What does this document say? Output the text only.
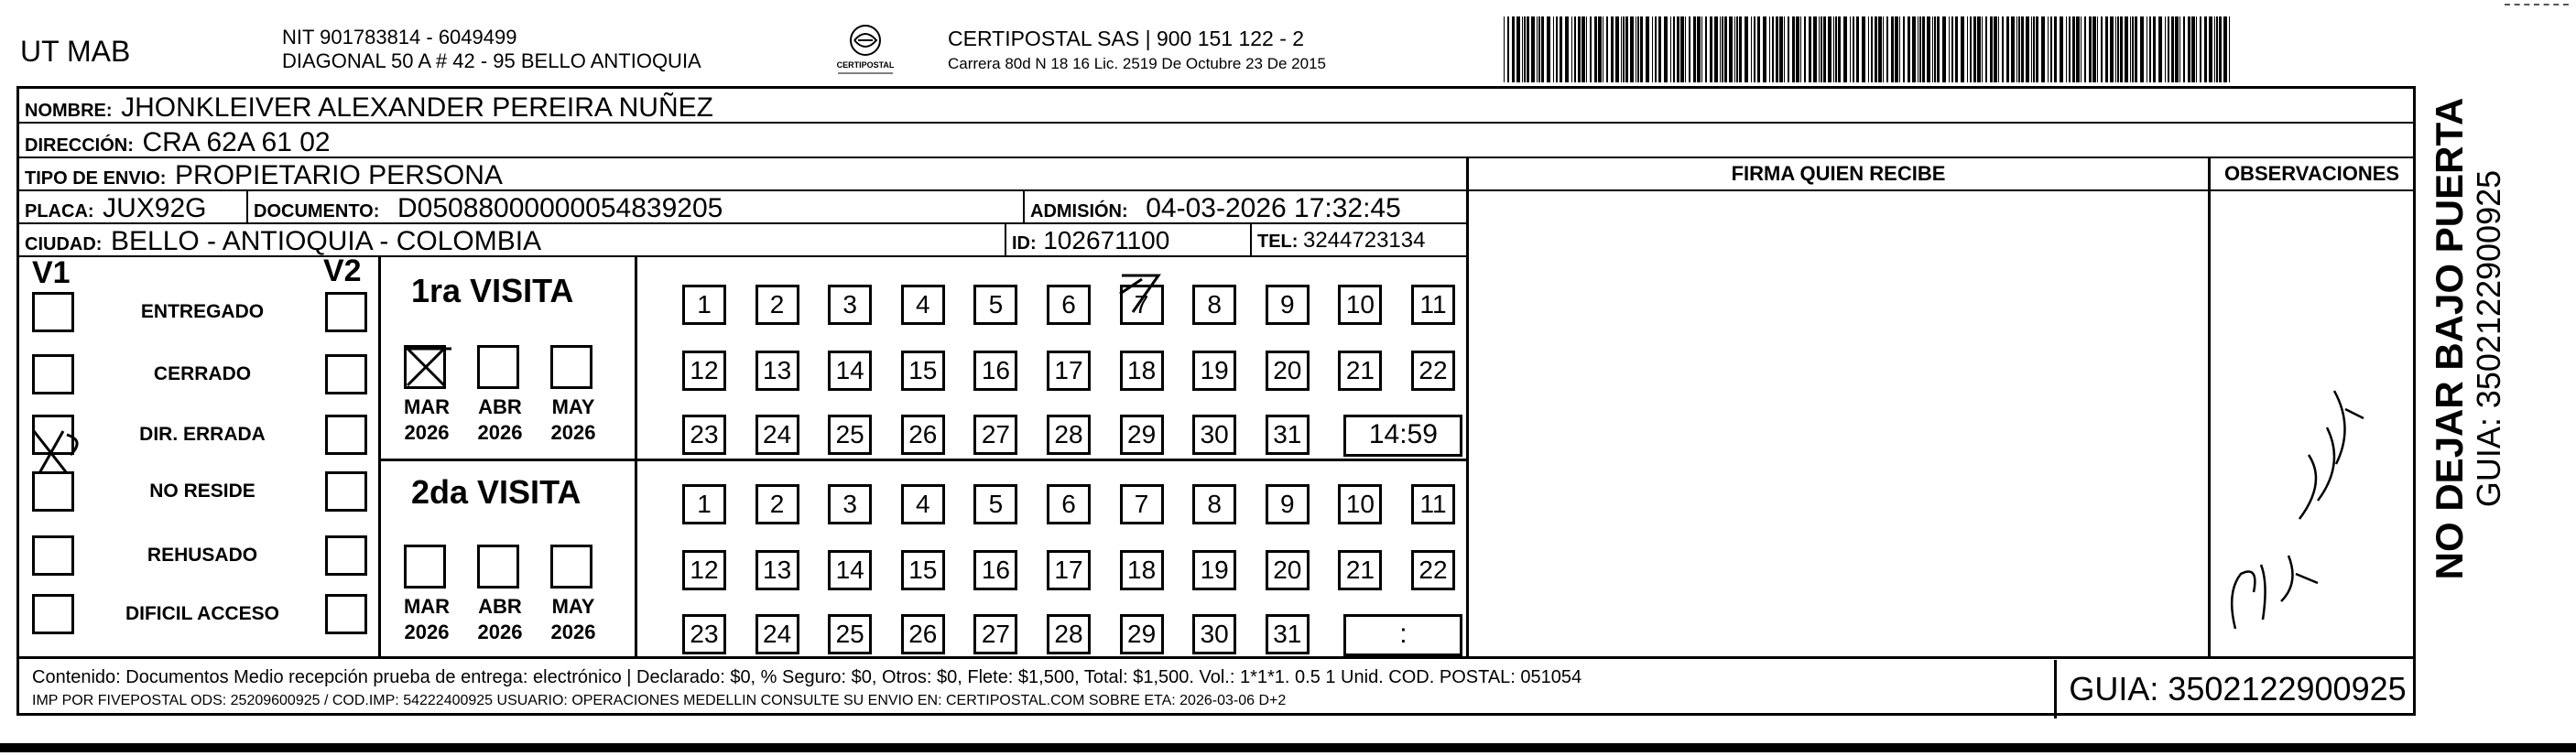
UT MAB	NIT 901783814 - 6049499
DIAGONAL 50 A # 42 - 95 BELLO ANTIOQUIA	CERTIPOSTAL
CERTIPOSTAL SAS | 900 151 122 - 2
Carrera 80d N 18 16 Lic. 2519 De Octubre 23 De 2015
NOMBRE: JHONKLEIVER ALEXANDER PEREIRA NUÑEZ
DIRECCIÓN: CRA 62A 61 02
TIPO DE ENVIO: PROPIETARIO PERSONA
PLACA: JUX92G	DOCUMENTO: D05088000000054839205	ADMISIÓN: 04-03-2026 17:32:45
CIUDAD: BELLO - ANTIOQUIA - COLOMBIA	ID: 102671100	TEL: 3244723134
FIRMA QUIEN RECIBE	OBSERVACIONES
V1	V2
ENTREGADO
CERRADO
DIR. ERRADA
NO RESIDE
REHUSADO
DIFICIL ACCESO
1ra VISITA
MAR
2026
ABR
2026
MAY
2026
1	2	3	4	5	6	7	8	9	10	11
12	13	14	15	16	17	18	19	20	21	22
23	24	25	26	27	28	29	30	31	14:59
2da VISITA
MAR
2026
ABR
2026
MAY
2026
1	2	3	4	5	6	7	8	9	10	11
12	13	14	15	16	17	18	19	20	21	22
23	24	25	26	27	28	29	30	31	:
Contenido: Documentos Medio recepción prueba de entrega: electrónico | Declarado: $0, % Seguro: $0, Otros: $0, Flete: $1,500, Total: $1,500. Vol.: 1*1*1. 0.5 1 Unid. COD. POSTAL: 051054
IMP POR FIVEPOSTAL ODS: 25209600925 / COD.IMP: 54222400925 USUARIO: OPERACIONES MEDELLIN CONSULTE SU ENVIO EN: CERTIPOSTAL.COM SOBRE ETA: 2026-03-06 D+2	GUIA: 3502122900925
NO DEJAR BAJO PUERTA GUIA: 3502122900925
